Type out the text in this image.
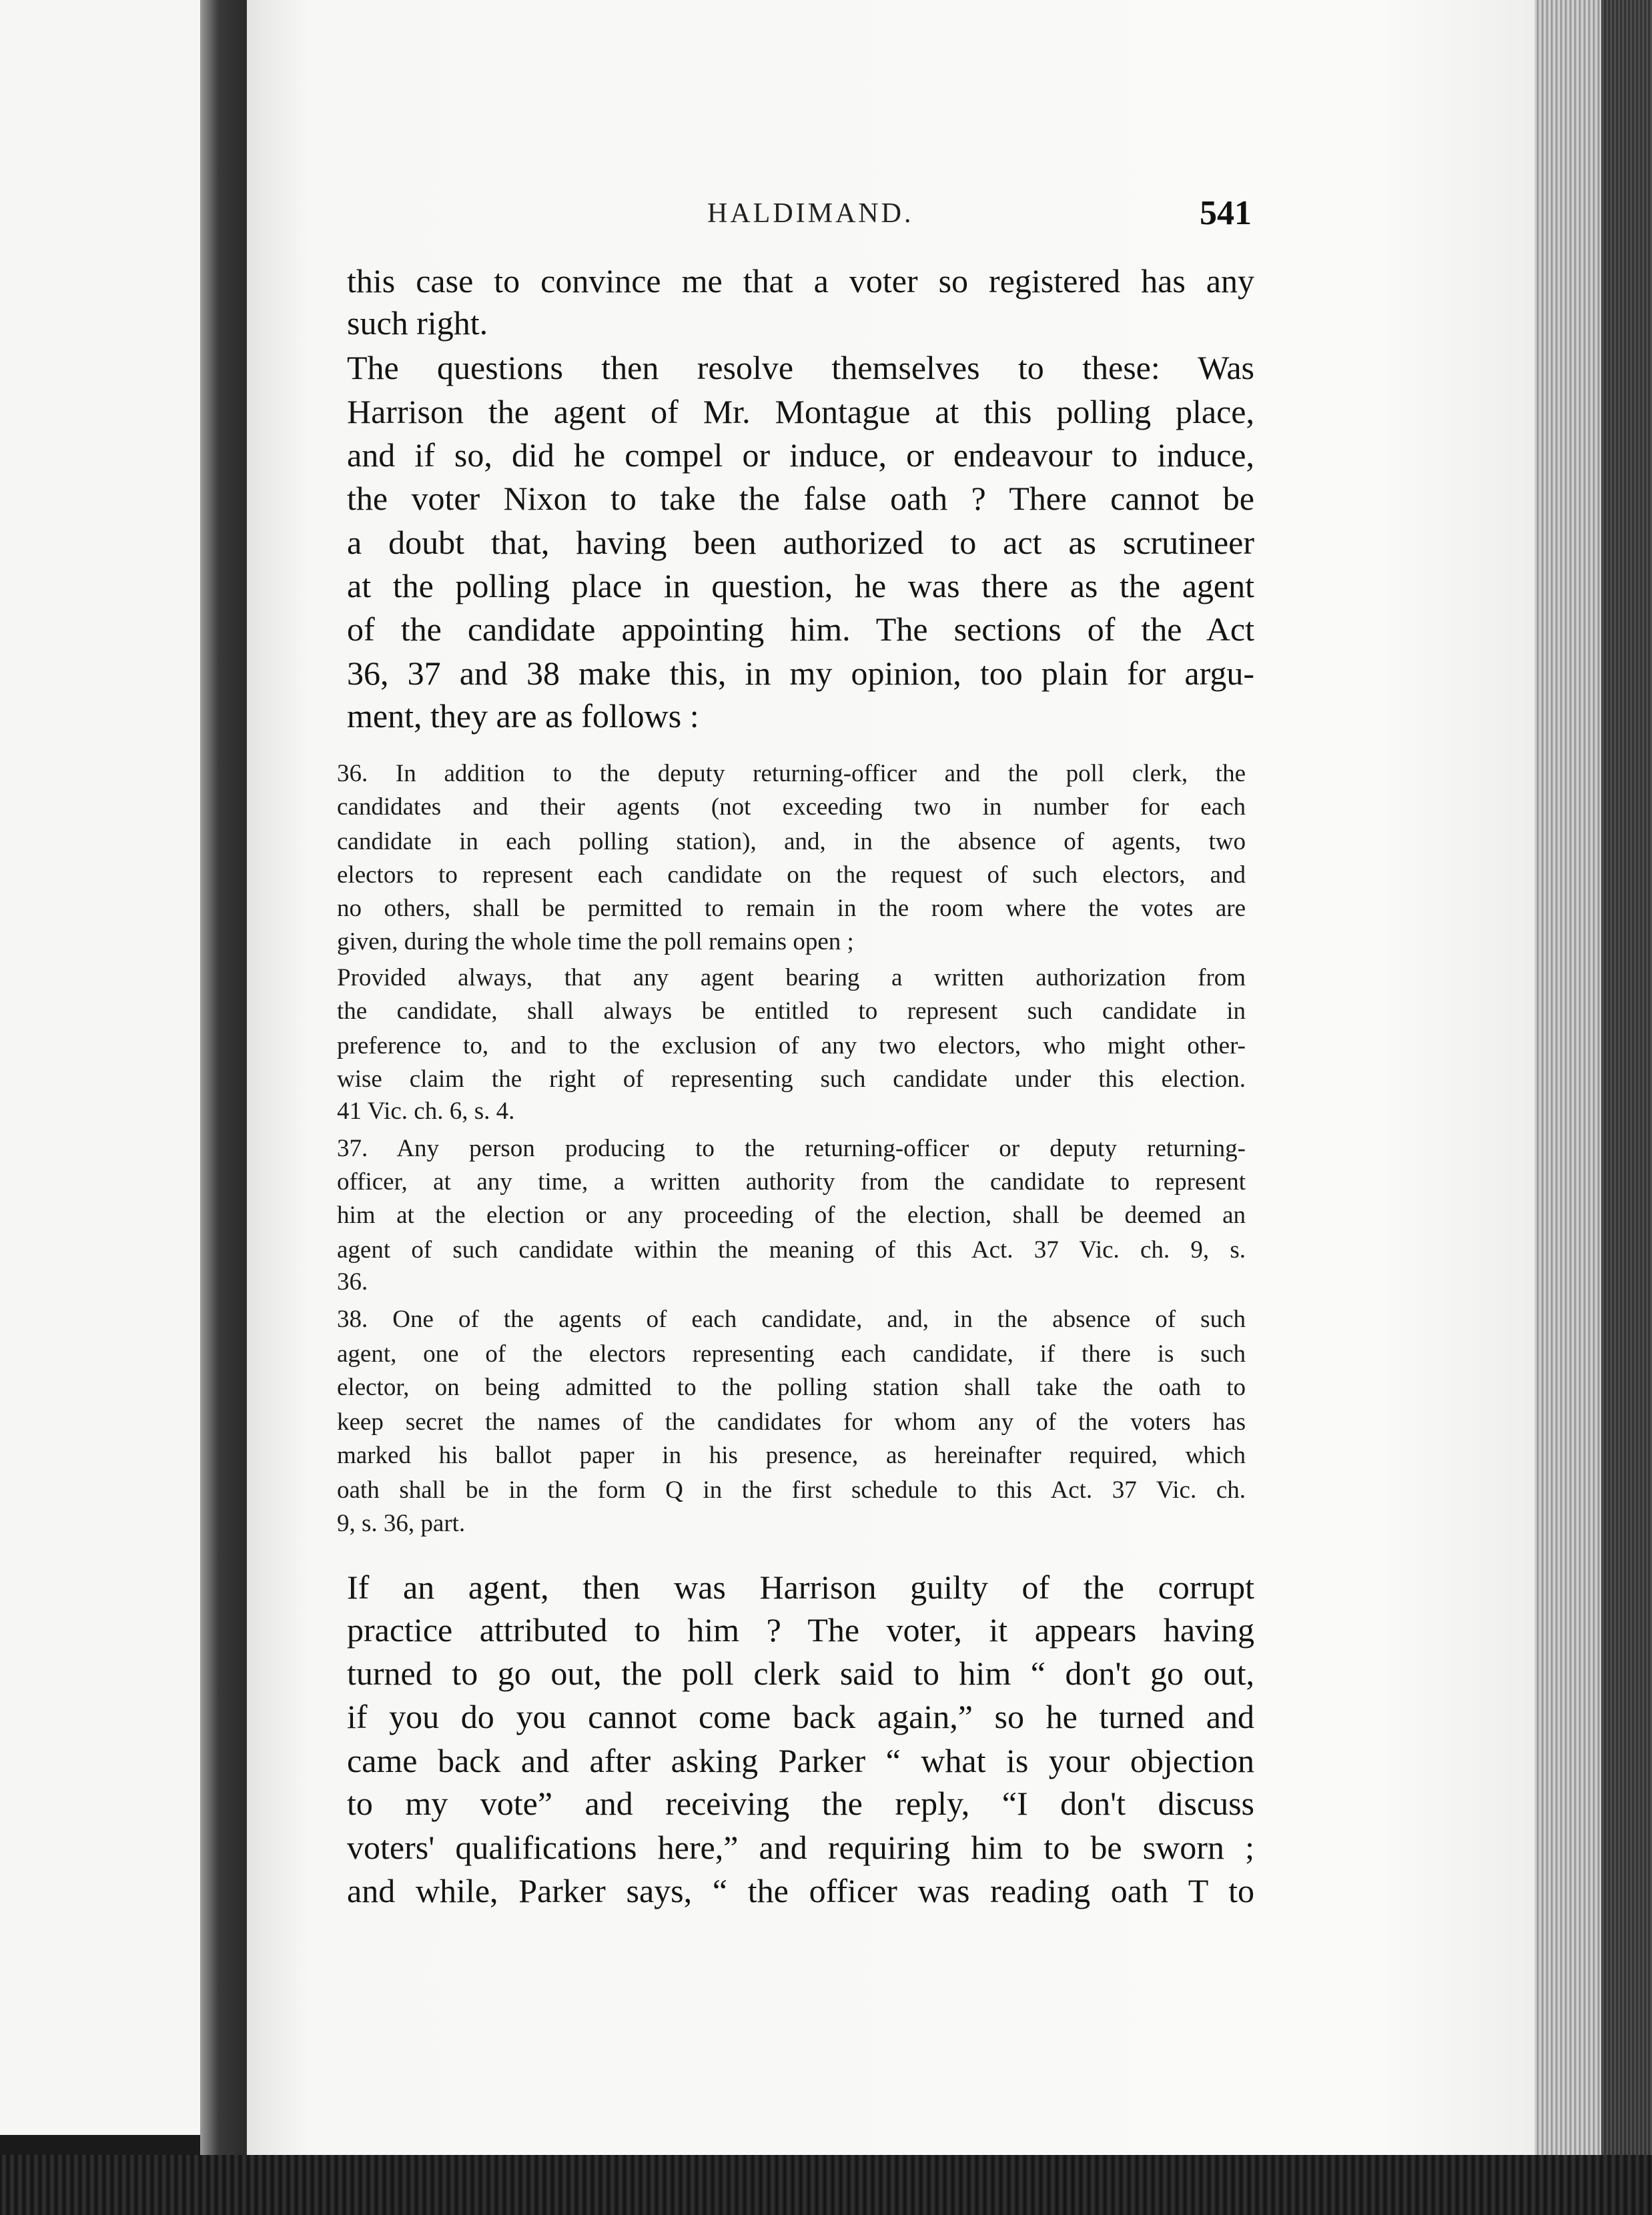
HALDIMAND.	541
this case to convince me that a voter so registered has any
such right.
The questions then resolve themselves to these: Was
Harrison the agent of Mr. Montague at this polling place,
and if so, did he compel or induce, or endeavour to induce,
the voter Nixon to take the false oath ? There cannot be
a doubt that, having been authorized to act as scrutineer
at the polling place in question, he was there as the agent
of the candidate appointing him. The sections of the Act
36, 37 and 38 make this, in my opinion, too plain for argu-
ment, they are as follows :
36. In addition to the deputy returning-officer and the poll clerk, the
candidates and their agents (not exceeding two in number for each
candidate in each polling station), and, in the absence of agents, two
electors to represent each candidate on the request of such electors, and
no others, shall be permitted to remain in the room where the votes are
given, during the whole time the poll remains open ;
Provided always, that any agent bearing a written authorization from
the candidate, shall always be entitled to represent such candidate in
preference to, and to the exclusion of any two electors, who might other-
wise claim the right of representing such candidate under this election.
41 Vic. ch. 6, s. 4.
37. Any person producing to the returning-officer or deputy returning-
officer, at any time, a written authority from the candidate to represent
him at the election or any proceeding of the election, shall be deemed an
agent of such candidate within the meaning of this Act. 37 Vic. ch. 9, s.
36.
38. One of the agents of each candidate, and, in the absence of such
agent, one of the electors representing each candidate, if there is such
elector, on being admitted to the polling station shall take the oath to
keep secret the names of the candidates for whom any of the voters has
marked his ballot paper in his presence, as hereinafter required, which
oath shall be in the form Q in the first schedule to this Act. 37 Vic. ch.
9, s. 36, part.
If an agent, then was Harrison guilty of the corrupt
practice attributed to him ? The voter, it appears having
turned to go out, the poll clerk said to him “ don't go out,
if you do you cannot come back again,” so he turned and
came back and after asking Parker “ what is your objection
to my vote” and receiving the reply, “I don't discuss
voters' qualifications here,” and requiring him to be sworn ;
and while, Parker says, “ the officer was reading oath T to
